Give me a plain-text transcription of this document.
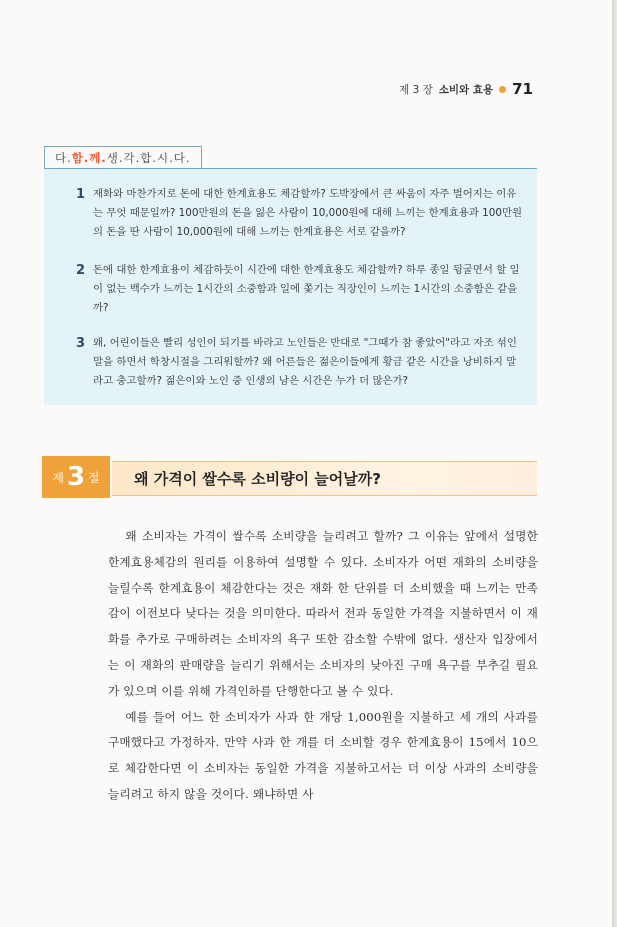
제 3 장 소비와 효용 71
다. 함. 께. 생.각.합.시.다.
1 재화와 마찬가지로 돈에 대한 한계효용도 체감할까? 도박장에서 큰 싸움이 자주 벌어지는 이유는 무엇 때문일까? 100만원의 돈을 잃은 사람이 10,000원에 대해 느끼는 한계효용과 100만원의 돈을 딴 사람이 10,000원에 대해 느끼는 한계효용은 서로 같을까?
2 돈에 대한 한계효용이 체감하듯이 시간에 대한 한계효용도 체감할까? 하루 종일 뒹굴면서 할 일이 없는 백수가 느끼는 1시간의 소중함과 일에 쫓기는 직장인이 느끼는 1시간의 소중함은 같을까?
3 왜, 어린이들은 빨리 성인이 되기를 바라고 노인들은 반대로 "그때가 참 좋았어"라고 자조 섞인 말을 하면서 학창시절을 그리워할까? 왜 어른들은 젊은이들에게 황금 같은 시간을 낭비하지 말라고 충고할까? 젊은이와 노인 중 인생의 남은 시간은 누가 더 많은가?
제 3 절	왜 가격이 쌀수록 소비량이 늘어날까?

왜 소비자는 가격이 쌀수록 소비량을 늘리려고 할까? 그 이유는 앞에서 설명한 한계효용체감의 원리를 이용하여 설명할 수 있다. 소비자가 어떤 재화의 소비량을 늘릴수록 한계효용이 체감한다는 것은 재화 한 단위를 더 소비했을 때 느끼는 만족감이 이전보다 낮다는 것을 의미한다. 따라서 전과 동일한 가격을 지불하면서 이 재화를 추가로 구매하려는 소비자의 욕구 또한 감소할 수밖에 없다. 생산자 입장에서는 이 재화의 판매량을 늘리기 위해서는 소비자의 낮아진 구매 욕구를 부추길 필요가 있으며 이를 위해 가격인하를 단행한다고 볼 수 있다.

예를 들어 어느 한 소비자가 사과 한 개당 1,000원을 지불하고 세 개의 사과를 구매했다고 가정하자. 만약 사과 한 개를 더 소비할 경우 한계효용이 15에서 10으로 체감한다면 이 소비자는 동일한 가격을 지불하고서는 더 이상 사과의 소비량을 늘리려고 하지 않을 것이다. 왜냐하면 사
